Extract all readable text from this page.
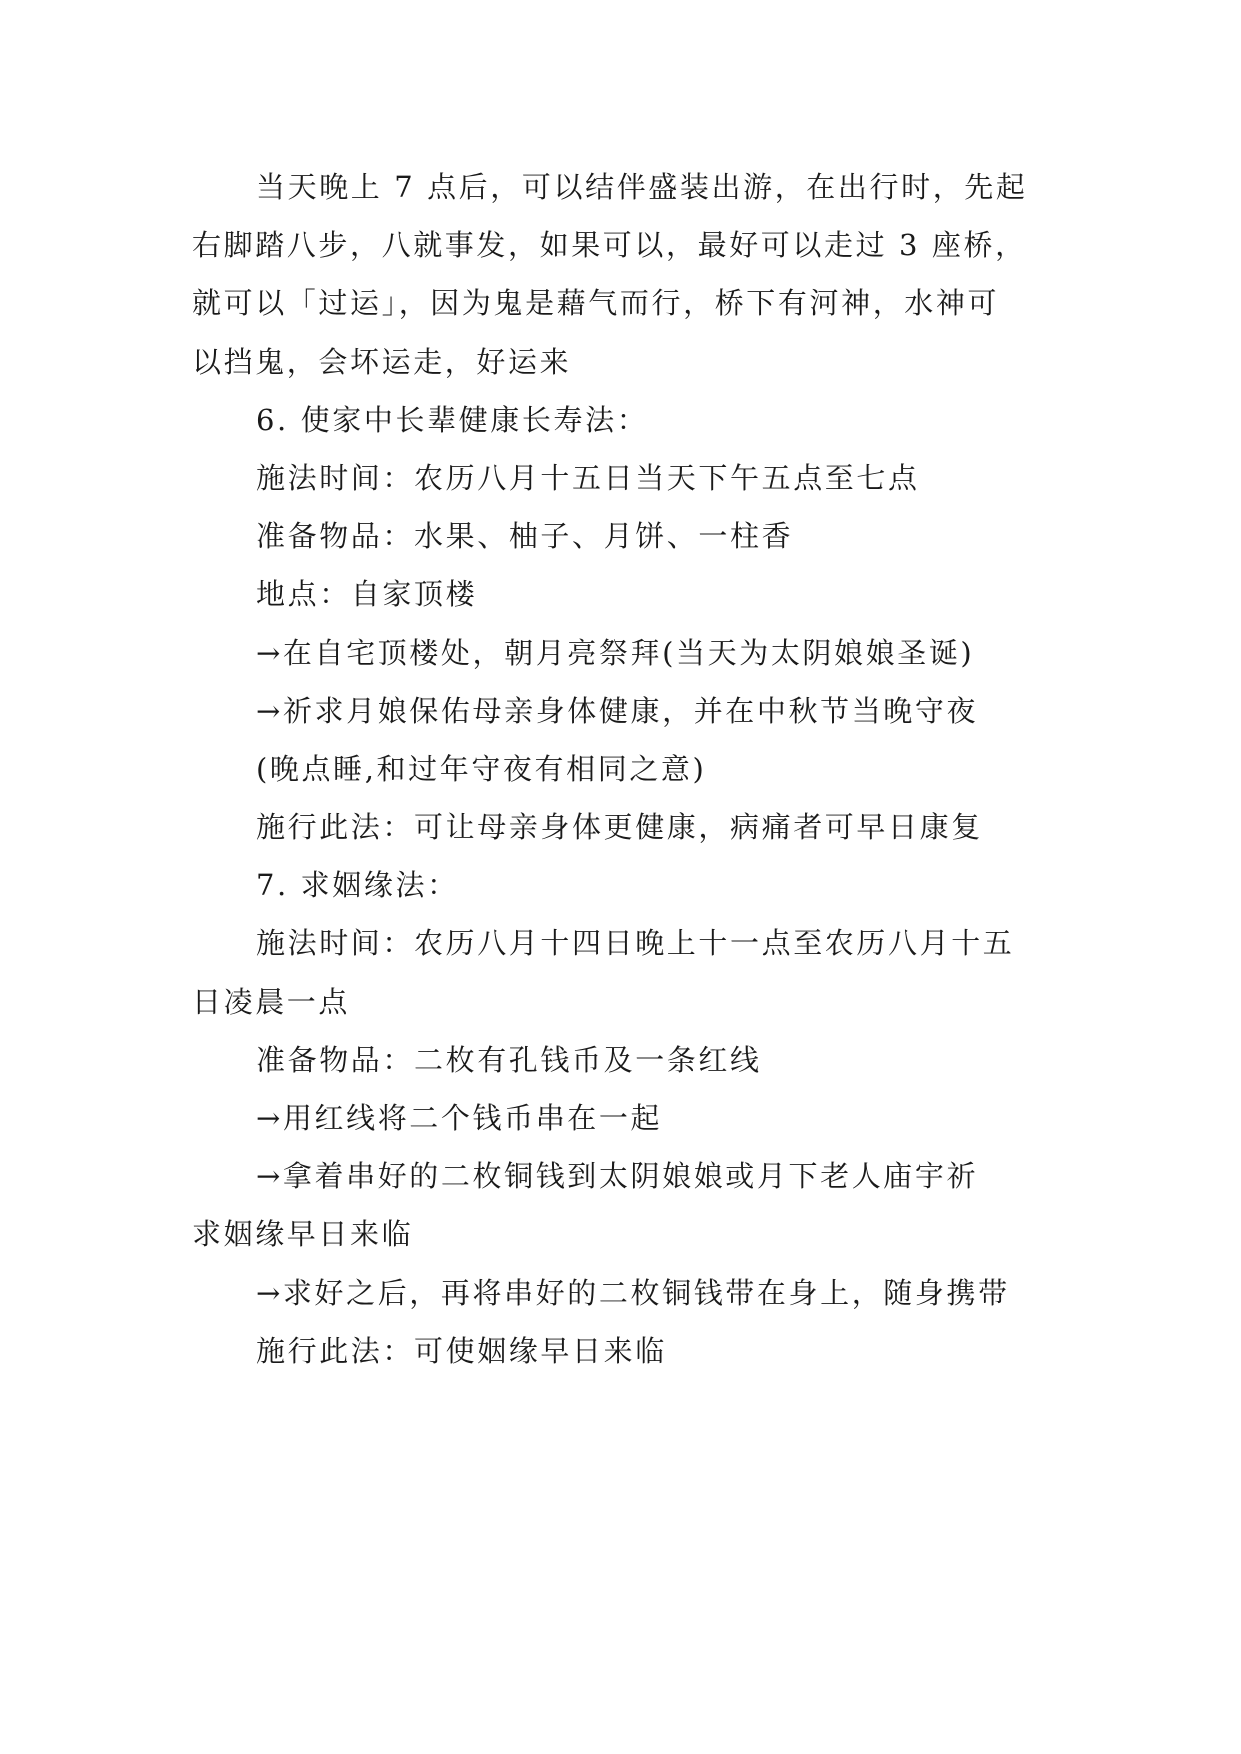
当天晚上 7 点后，可以结伴盛装出游，在出行时，先起
右脚踏八步，八就事发，如果可以，最好可以走过 3 座桥，
就可以「过运」，因为鬼是藉气而行，桥下有河神，水神可
以挡鬼，会坏运走，好运来
6. 使家中长辈健康长寿法：
施法时间：农历八月十五日当天下午五点至七点
准备物品：水果、柚子、月饼、一柱香
地点：自家顶楼
→在自宅顶楼处，朝月亮祭拜(当天为太阴娘娘圣诞)
→祈求月娘保佑母亲身体健康，并在中秋节当晚守夜
(晚点睡,和过年守夜有相同之意)
施行此法：可让母亲身体更健康，病痛者可早日康复
7. 求姻缘法：
施法时间：农历八月十四日晚上十一点至农历八月十五
日凌晨一点
准备物品：二枚有孔钱币及一条红线
→用红线将二个钱币串在一起
→拿着串好的二枚铜钱到太阴娘娘或月下老人庙宇祈
求姻缘早日来临
→求好之后，再将串好的二枚铜钱带在身上，随身携带
施行此法：可使姻缘早日来临
